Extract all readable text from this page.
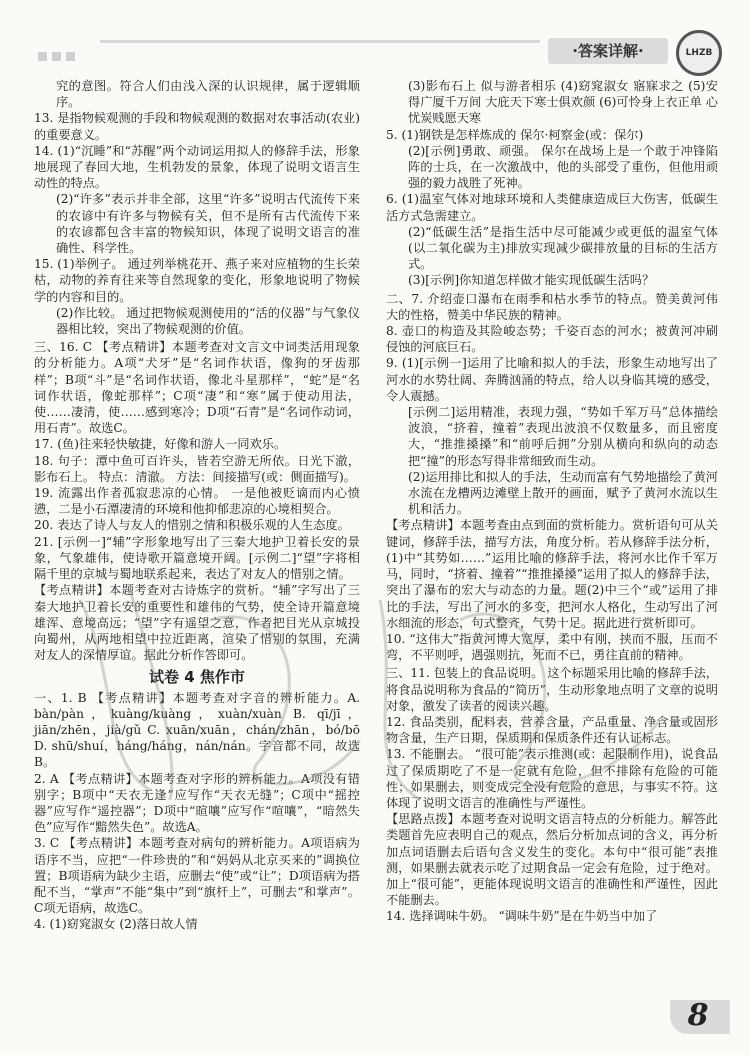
·答案详解·	LHZB

究的意图。符合人们由浅入深的认识规律，属于逻辑顺序。

13. 是指物候观测的手段和物候观测的数据对农事活动(农业)的重要意义。

14. (1)“沉睡”和“苏醒”两个动词运用拟人的修辞手法，形象地展现了春回大地，生机勃发的景象，体现了说明文语言生动性的特点。

(2)“许多”表示并非全部，这里“许多”说明古代流传下来的农谚中有许多与物候有关，但不是所有古代流传下来的农谚都包含丰富的物候知识，体现了说明文语言的准确性、科学性。

15. (1)举例子。 通过列举桃花开、燕子来对应植物的生长荣枯，动物的养育往来等自然现象的变化，形象地说明了物候学的内容和目的。

(2)作比较。 通过把物候观测使用的“活的仪器”与气象仪器相比较，突出了物候观测的价值。

三、16. C 【考点精讲】本题考查对文言文中词类活用现象的分析能力。A项“犬牙”是“名词作状语，像狗的牙齿那样”；B项“斗”是“名词作状语，像北斗星那样”，“蛇”是“名词作状语，像蛇那样”；C项“凄”和“寒”属于使动用法，使……凄清，使……感到寒冷；D项“石青”是“名词作动词，用石青”。故选C。

17. (鱼)往来轻快敏捷，好像和游人一同欢乐。

18. 句子：潭中鱼可百许头，皆若空游无所依。日光下澈，影布石上。 特点：清澈。 方法：间接描写(或：侧面描写)。

19. 流露出作者孤寂悲凉的心情。 一是他被贬谪而内心愤懑，二是小石潭凄清的环境和他抑郁悲凉的心境相契合。

20. 表达了诗人与友人的惜别之情和积极乐观的人生态度。

21. [示例一]“辅”字形象地写出了三秦大地护卫着长安的景象，气象雄伟，使诗歌开篇意境开阔。[示例二]“望”字将相隔千里的京城与蜀地联系起来，表达了对友人的惜别之情。

【考点精讲】本题考查对古诗炼字的赏析。“辅”字写出了三秦大地护卫着长安的重要性和雄伟的气势，使全诗开篇意境雄浑、意境高远；“望”字有遥望之意，作者把目光从京城投向蜀州，从两地相望中拉近距离，渲染了惜别的氛围，充满对友人的深情厚谊。据此分析作答即可。

试卷 4 焦作市

一、1. B 【考点精讲】本题考查对字音的辨析能力。A. bàn/pàn，kuàng/kuàng，xuàn/xuàn B. qī/jī，jiān/zhēn，jià/gǔ C. xuān/xuān，chán/zhān，bó/bō D. shū/shuí，háng/háng，nán/nán。字音都不同，故选B。

2. A 【考点精讲】本题考查对字形的辨析能力。A项没有错别字；B项中“天衣无逢”应写作“天衣无缝”；C项中“摇控器”应写作“遥控器”；D项中“暄嚷”应写作“喧嚷”，“暗然失色”应写作“黯然失色”。故选A。

3. C 【考点精讲】本题考查对病句的辨析能力。A项语病为语序不当，应把“一件珍贵的”和“妈妈从北京买来的”调换位置；B项语病为缺少主语，应删去“使”或“让”；D项语病为搭配不当，“掌声”不能“集中”到“旗杆上”，可删去“和掌声”。C项无语病，故选C。

4. (1)窈窕淑女 (2)落日故人情

(3)影布石上 似与游者相乐 (4)窈窕淑女 寤寐求之 (5)安得广厦千万间 大庇天下寒士俱欢颜 (6)可怜身上衣正单 心忧炭贱愿天寒

5. (1)钢铁是怎样炼成的 保尔·柯察金(或：保尔)

(2)[示例]勇敢、顽强。 保尔在战场上是一个敢于冲锋陷阵的士兵，在一次激战中，他的头部受了重伤，但他用顽强的毅力战胜了死神。

6. (1)温室气体对地球环境和人类健康造成巨大伤害，低碳生活方式急需建立。

(2)“低碳生活”是指生活中尽可能减少或更低的温室气体(以二氧化碳为主)排放实现减少碳排放量的目标的生活方式。

(3)[示例]你知道怎样做才能实现低碳生活吗？

二、7. 介绍壶口瀑布在雨季和枯水季节的特点。赞美黄河伟大的性格，赞美中华民族的精神。

8. 壶口的构造及其险峻态势；千姿百态的河水；被黄河冲刷侵蚀的河底巨石。

9. (1)[示例一]运用了比喻和拟人的手法，形象生动地写出了河水的水势壮阔、奔腾汹涌的特点，给人以身临其境的感受，令人震撼。

[示例二]运用精准，表现力强，“势如千军万马”总体描绘波浪，“挤着，撞着”表现出波浪不仅数量多，而且密度大，“推推搡搡”和“前呼后拥”分别从横向和纵向的动态把“撞”的形态写得非常细致而生动。

(2)运用排比和拟人的手法，生动而富有气势地描绘了黄河水流在龙槽两边滩壁上散开的画面，赋予了黄河水流以生机和活力。

【考点精讲】本题考查由点到面的赏析能力。赏析语句可从关键词，修辞手法，描写方法，角度分析。若从修辞手法分析，(1)中“其势如……”运用比喻的修辞手法，将河水比作千军万马，同时，“挤着、撞着”“推推搡搡”运用了拟人的修辞手法，突出了瀑布的宏大与动态的力量。题(2)中三个“或”运用了排比的手法，写出了河水的多变，把河水人格化，生动写出了河水细流的形态，句式整齐，气势十足。据此进行赏析即可。

10. “这伟大”指黄河博大宽厚，柔中有刚，挟而不服，压而不弯，不平则呼，遇强则抗，死而不已，勇往直前的精神。

三、11. 包装上的食品说明。 这个标题采用比喻的修辞手法，将食品说明称为食品的“简历”，生动形象地点明了文章的说明对象，激发了读者的阅读兴趣。

12. 食品类别，配料表，营养含量，产品重量、净含量或固形物含量，生产日期，保质期和保质条件还有认证标志。

13. 不能删去。 “很可能”表示推测(或：起限制作用)，说食品过了保质期吃了不是一定就有危险，但不排除有危险的可能性；如果删去，则变成完全没有危险的意思，与事实不符。这体现了说明文语言的准确性与严谨性。

【思路点拨】本题考查对说明文语言特点的分析能力。解答此类题首先应表明自己的观点，然后分析加点词的含义，再分析加点词语删去后语句含义发生的变化。本句中“很可能”表推测，如果删去就表示吃了过期食品一定会有危险，过于绝对。加上“很可能”，更能体现说明文语言的准确性和严谨性，因此不能删去。

14. 选择调味牛奶。 “调味牛奶”是在牛奶当中加了

8
